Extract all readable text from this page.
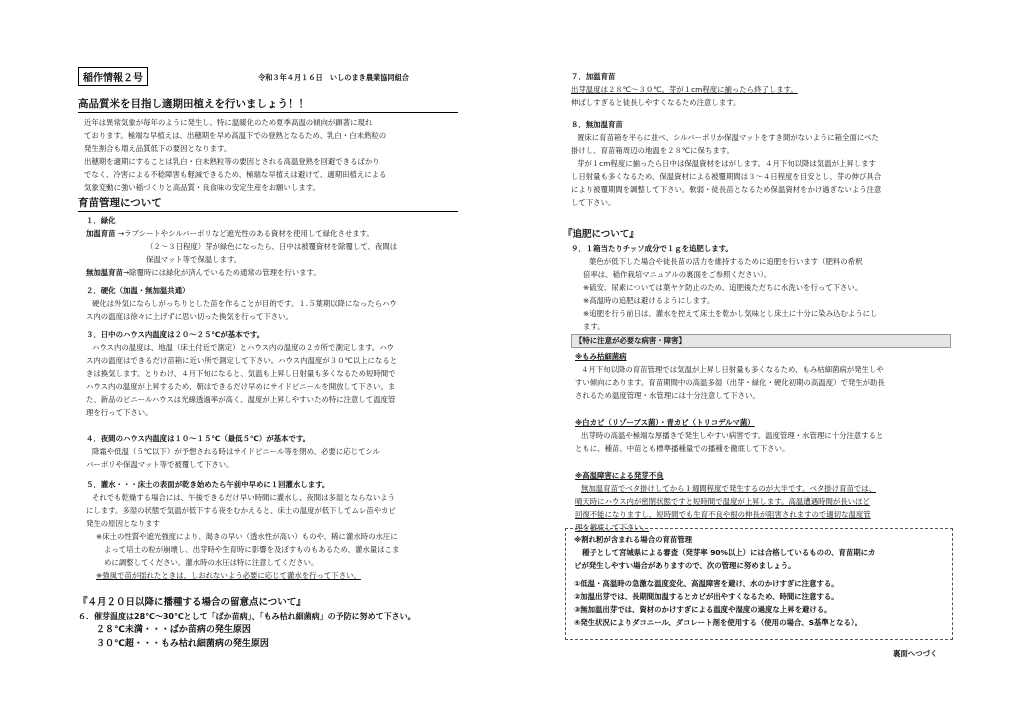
稲作情報２号	令和３年４月１６日　いしのまき農業協同組合
高品質米を目指し適期田植えを行いましょう！！
近年は異常気象が毎年のように発生し、特に温暖化のため夏季高温の傾向が顕著に現れ
ております。極端な早植えは、出穂期を早め高温下での登熟となるため、乳白・白未熟粒の
発生割合も増え品質低下の要因となります。
出穂期を適期にすることは乳白・白未熟粒等の要因とされる高温登熟を回避できるばかり
でなく、冷害による不稔障害も軽減できるため、極端な早植えは避けて、適期田植えによる
気象変動に強い稲づくりと高品質・良食味の安定生産をお願いします。
育苗管理について
１．緑化
加温育苗 →ラブシートやシルバーポリなど遮光性のある資材を使用して緑化させます。
（２～３日程度）芽が緑色になったら、日中は被覆資材を除覆して、夜間は
保温マット等で保温します。
無加温育苗→除覆時には緑化が済んでいるため通常の管理を行います。
２．硬化（加温・無加温共通）
硬化は外気にならしがっちりとした苗を作ることが目的です。１.５葉期以降になったらハウ
ス内の温度は徐々に上げずに思い切った換気を行って下さい。
３．日中のハウス内温度は２０～２５℃が基本です。
ハウス内の温度は、地温（床土付近で測定）とハウス内の温度の２カ所で測定します。ハウ
ス内の温度はできるだけ苗箱に近い所で測定して下さい。ハウス内温度が３０℃以上になると
きは換気します。とりわけ、４月下旬になると、気温も上昇し日射量も多くなるため短時間で
ハウス内の温度が上昇するため、朝はできるだけ早めにサイドビニールを開放して下さい。ま
た、新品のビニールハウスは光線透過率が高く、温度が上昇しやすいため特に注意して温度管
理を行って下さい。
４．夜間のハウス内温度は１０～１５℃（最低５℃）が基本です。
降霜や低温（５℃以下）が予想される時はサイドビニール等を閉め、必要に応じてシル
バーポリや保温マット等で被覆して下さい。
５．灌水・・・床土の表面が乾き始めたら午前中早めに１回灌水します。
それでも乾燥する場合には、午後できるだけ早い時間に灌水し、夜間は多湿とならないよう
にします。多湿の状態で気温が低下する夜をむかえると、床土の温度が低下してムレ苗やカビ
発生の原因となります
※床土の性質や遮光強度により、渇きの早い（透水性が高い）ものや、稀に灌水時の水圧に
よって培土の粒が崩壊し、出芽時や生育時に影響を及ぼすものもあるため、灌水量はこま
めに調整してください。灌水時の水圧は特に注意してください。
※強風で苗が揺れたときは、しおれないよう必要に応じて灌水を行って下さい。
『４月２０日以降に播種する場合の留意点について』
６．催芽温度は28℃～30℃として「ばか苗病」、「もみ枯れ細菌病」の予防に努めて下さい。
２８℃未満・・・ばか苗病の発生原因
３０℃超・・・もみ枯れ細菌病の発生原因
７．加温育苗
出芽温度は２８℃～３０℃。芽が１cm程度に揃ったら終了します。
伸ばしすぎると徒長しやすくなるため注意します。
８．無加温育苗
置床に育苗箱を平らに並べ、シルバーポリか保温マットをすき間がないように箱全面にべた
掛けし、育苗箱周辺の地温を２８℃に保ちます。
芽が１cm程度に揃ったら日中は保温資材をはがします。４月下旬以降は気温が上昇します
し日射量も多くなるため、保温資材による被覆期間は３～４日程度を目安とし、芽の伸び具合
により被覆期間を調整して下さい。軟弱・徒長苗となるため保温資材をかけ過ぎないよう注意
して下さい。
『追肥について』
９．１箱当たりチッソ成分で１ｇを追肥します。
葉色が低下した場合や徒長苗の活力を維持するために追肥を行います（肥料の希釈
倍率は、稲作栽培マニュアルの裏面をご参照ください）。
※硫安、尿素については葉ヤケ防止のため、追肥後ただちに水洗いを行って下さい。
※高温時の追肥は避けるようにします。
※追肥を行う前日は、灌水を控えて床土を乾かし気味とし床土に十分に染み込むようにし
ます。
【特に注意が必要な病害・障害】
※もみ枯細菌病
４月下旬以降の育苗管理では気温が上昇し日射量も多くなるため、もみ枯細菌病が発生しや
すい傾向にあります。育苗期間中の高温多湿（出芽・緑化・硬化初期の高温度）で発生が助長
されるため温度管理・水管理には十分注意して下さい。
※白カビ（リゾープス菌）・青カビ（トリコデルマ菌）
出芽時の高温や極端な厚播きで発生しやすい病害です。温度管理・水管理に十分注意すると
ともに、種苗、中苗とも標準播種量での播種を徹底して下さい。
※高温障害による発芽不良
無加温育苗でベタ掛けしてから１週間程度で発生するのが大半です。ベタ掛け育苗では、
晴天時にハウス内が密閉状態ですと短時間で温度が上昇します。高温遭遇時間が長いほど
回復不能になりますし、短時間でも生育不良や根の伸長が阻害されますので適切な温度管
理を徹底して下さい。
※割れ籾が含まれる場合の育苗管理
種子として宮城県による審査（発芽率 90%以上）には合格しているものの、育苗期にカ
ビが発生しやすい場合がありますので、次の管理に努めましょう。
①低温・高温時の急激な温度変化、高温障害を避け、水のかけすぎに注意する。
②加温出芽では、長期間加温するとカビが出やすくなるため、時間に注意する。
③無加温出芽では、資材のかけすぎによる温度や湿度の過度な上昇を避ける。
④発生状況によりダコニール、ダコレート剤を使用する（使用の場合、S基準となる）。
裏面へつづく
